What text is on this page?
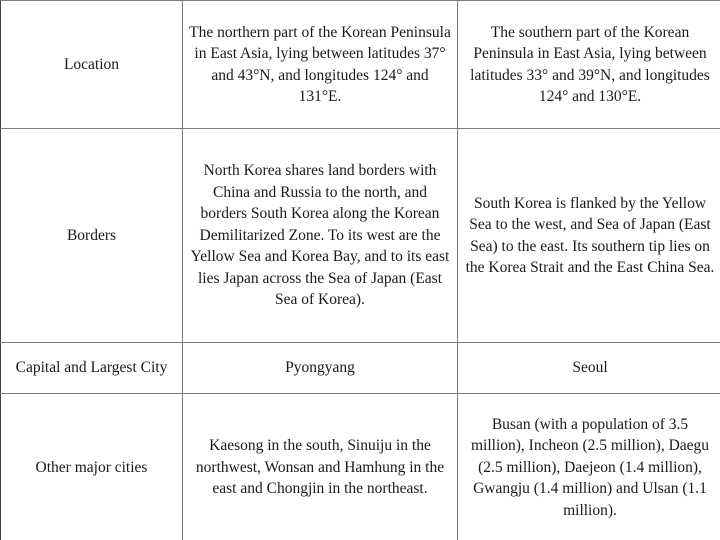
Location	The northern part of the Korean Peninsula in East Asia, lying between latitudes 37° and 43°N, and longitudes 124° and 131°E.	The southern part of the Korean Peninsula in East Asia, lying between latitudes 33° and 39°N, and longitudes 124° and 130°E.

Borders	North Korea shares land borders with China and Russia to the north, and borders South Korea along the Korean Demilitarized Zone. To its west are the Yellow Sea and Korea Bay, and to its east lies Japan across the Sea of Japan (East Sea of Korea).	South Korea is flanked by the Yellow Sea to the west, and Sea of Japan (East Sea) to the east. Its southern tip lies on the Korea Strait and the East China Sea.

Capital and Largest City	Pyongyang	Seoul

Other major cities	Kaesong in the south, Sinuiju in the northwest, Wonsan and Hamhung in the east and Chongjin in the northeast.	Busan (with a population of 3.5 million), Incheon (2.5 million), Daegu (2.5 million), Daejeon (1.4 million), Gwangju (1.4 million) and Ulsan (1.1 million).
